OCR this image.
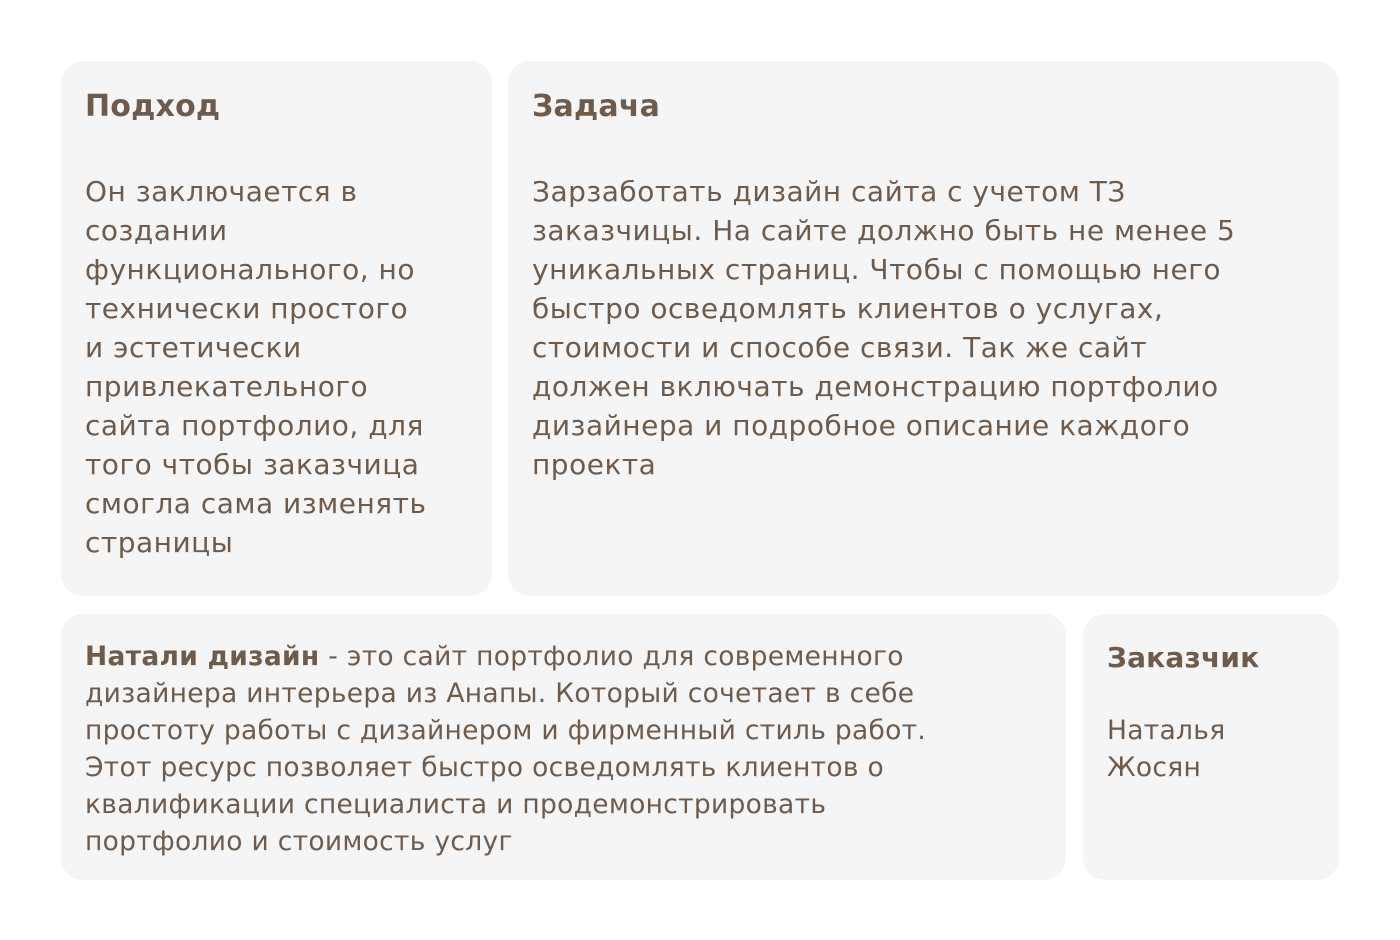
Подход

Он заключается в
создании
функционального, но
технически простого
и эстетически
привлекательного
сайта портфолио, для
того чтобы заказчица
смогла сама изменять
страницы

Задача

Зарзаботать дизайн сайта с учетом ТЗ
заказчицы. На сайте должно быть не менее 5
уникальных страниц. Чтобы с помощью него
быстро осведомлять клиентов о услугах,
стоимости и способе связи. Так же сайт
должен включать демонстрацию портфолио
дизайнера и подробное описание каждого
проекта

Натали дизайн - это сайт портфолио для современного
дизайнера интерьера из Анапы. Который сочетает в себе
простоту работы с дизайнером и фирменный стиль работ.
Этот ресурс позволяет быстро осведомлять клиентов о
квалификации специалиста и продемонстрировать
портфолио и стоимость услуг

Заказчик

Наталья
Жосян
